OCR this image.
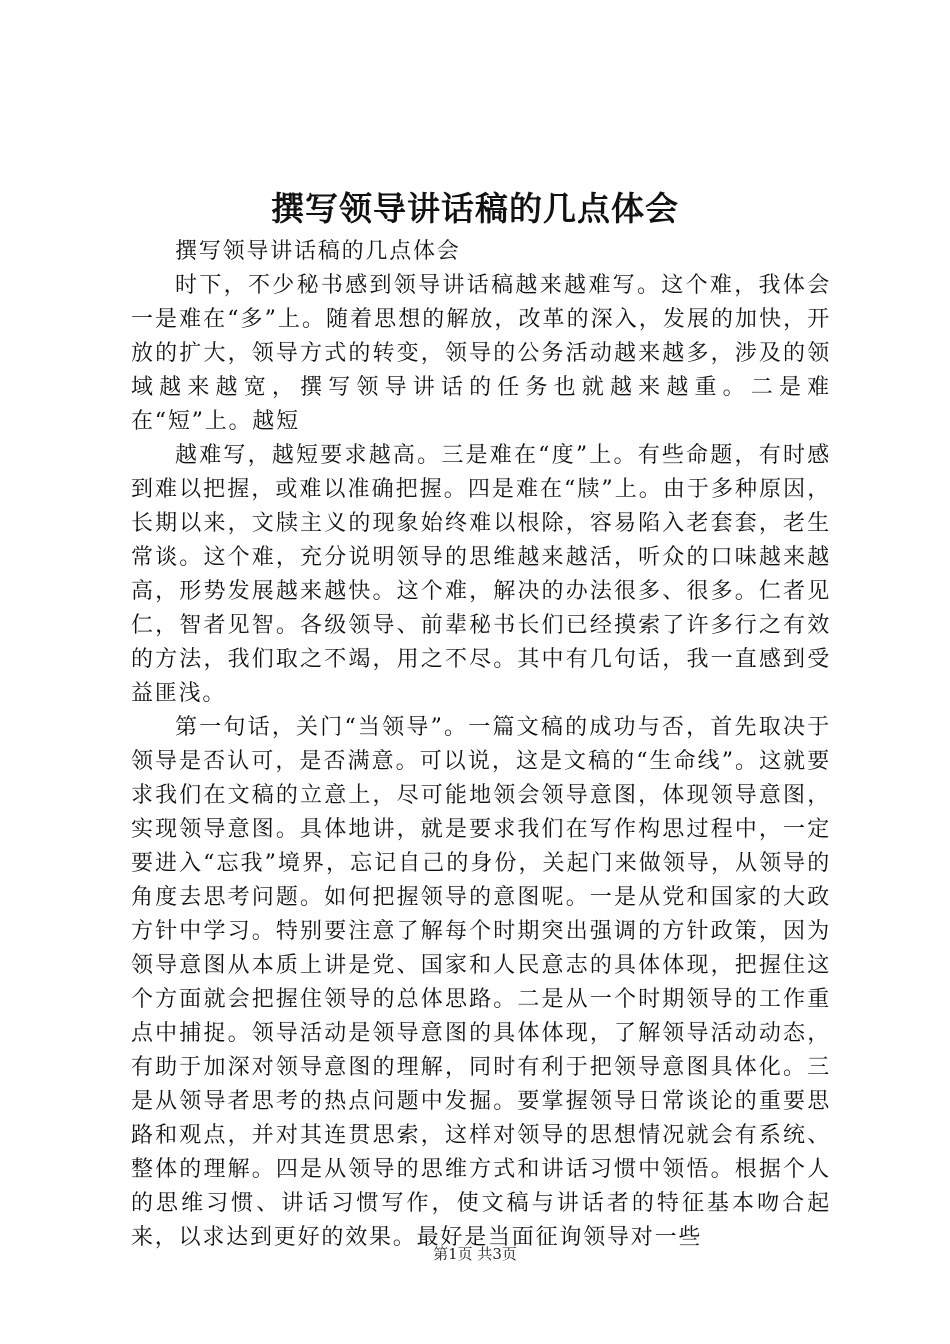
撰写领导讲话稿的几点体会

撰写领导讲话稿的几点体会

时下，不少秘书感到领导讲话稿越来越难写。这个难，我体会一是难在“多”上。随着思想的解放，改革的深入，发展的加快，开放的扩大，领导方式的转变，领导的公务活动越来越多，涉及的领域越来越宽，撰写领导讲话的任务也就越来越重。二是难在“短”上。越短

越难写，越短要求越高。三是难在“度”上。有些命题，有时感到难以把握，或难以准确把握。四是难在“牍”上。由于多种原因，长期以来，文牍主义的现象始终难以根除，容易陷入老套套，老生常谈。这个难，充分说明领导的思维越来越活，听众的口味越来越高，形势发展越来越快。这个难，解决的办法很多、很多。仁者见仁，智者见智。各级领导、前辈秘书长们已经摸索了许多行之有效的方法，我们取之不竭，用之不尽。其中有几句话，我一直感到受益匪浅。

第一句话，关门“当领导”。一篇文稿的成功与否，首先取决于领导是否认可，是否满意。可以说，这是文稿的“生命线”。这就要求我们在文稿的立意上，尽可能地领会领导意图，体现领导意图，实现领导意图。具体地讲，就是要求我们在写作构思过程中，一定要进入“忘我”境界，忘记自己的身份，关起门来做领导，从领导的角度去思考问题。如何把握领导的意图呢。一是从党和国家的大政方针中学习。特别要注意了解每个时期突出强调的方针政策，因为领导意图从本质上讲是党、国家和人民意志的具体体现，把握住这个方面就会把握住领导的总体思路。二是从一个时期领导的工作重点中捕捉。领导活动是领导意图的具体体现，了解领导活动动态，有助于加深对领导意图的理解，同时有利于把领导意图具体化。三是从领导者思考的热点问题中发掘。要掌握领导日常谈论的重要思路和观点，并对其连贯思索，这样对领导的思想情况就会有系统、整体的理解。四是从领导的思维方式和讲话习惯中领悟。根据个人的思维习惯、讲话习惯写作，使文稿与讲话者的特征基本吻合起来，以求达到更好的效果。最好是当面征询领导对一些

第1页 共3页
